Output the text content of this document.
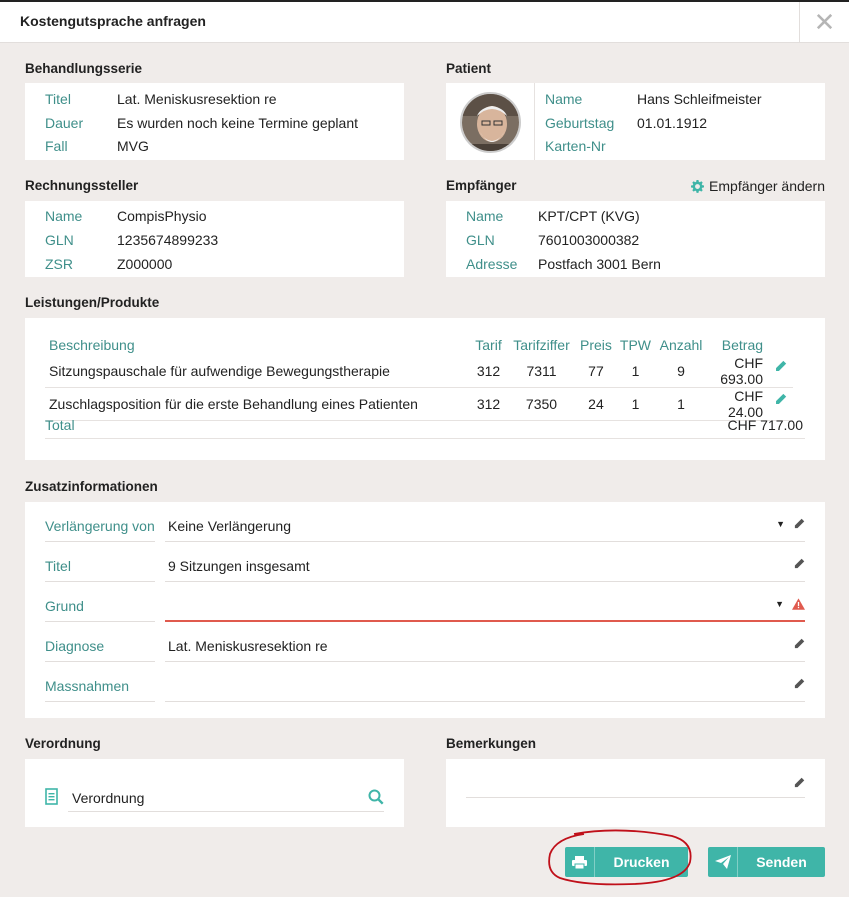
Kostengutsprache anfragen	✕
Behandlungsserie
Titel	Lat. Meniskusresektion re
Dauer Es wurden noch keine Termine geplant
Fall	MVG
Patient
Name	Hans Schleifmeister
Geburtstag 01.01.1912
Karten-Nr
Rechnungssteller
Name CompisPhysio
GLN	1235674899233
ZSR	Z000000
Empfänger	Empfänger ändern
Name KPT/CPT (KVG)
GLN	7601003000382
Adresse Postfach 3001 Bern
Leistungen/Produkte
Beschreibung	Tarif	Tarifziffer	Preis	TPW	Anzahl	Betrag
Sitzungspauschale für aufwendige Bewegungstherapie	312	7311	77	1	9	CHF 693.00

Zuschlagsposition für die erste Behandlung eines Patienten	312	7350	24	1	1	CHF 24.00
Total	CHF 717.00
Zusatzinformationen
Verlängerung von Keine Verlängerung	▼
Titel	9 Sitzungen insgesamt
Grund	▼
Diagnose	Lat. Meniskusresektion re
Massnahmen
Verordnung
Verordnung
Bemerkungen
Drucken	Senden
